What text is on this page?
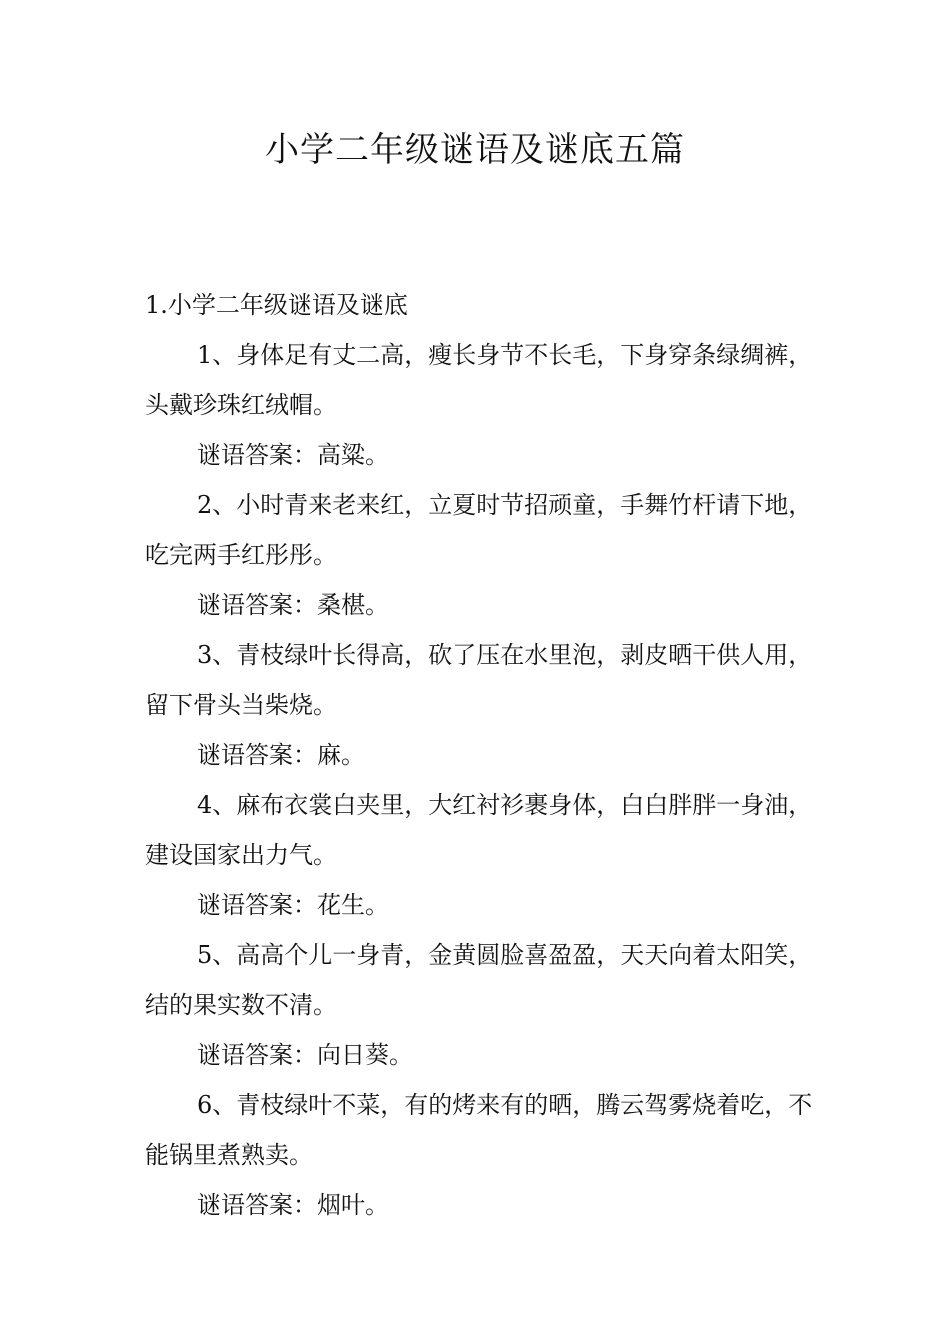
小学二年级谜语及谜底五篇

1.小学二年级谜语及谜底

1、身体足有丈二高，瘦长身节不长毛，下身穿条绿绸裤，头戴珍珠红绒帽。

谜语答案：高粱。

2、小时青来老来红，立夏时节招顽童，手舞竹杆请下地，吃完两手红彤彤。

谜语答案：桑椹。

3、青枝绿叶长得高，砍了压在水里泡，剥皮晒干供人用，留下骨头当柴烧。

谜语答案：麻。

4、麻布衣裳白夹里，大红衬衫裹身体，白白胖胖一身油，建设国家出力气。

谜语答案：花生。

5、高高个儿一身青，金黄圆脸喜盈盈，天天向着太阳笑，结的果实数不清。

谜语答案：向日葵。

6、青枝绿叶不菜，有的烤来有的晒，腾云驾雾烧着吃，不能锅里煮熟卖。

谜语答案：烟叶。
